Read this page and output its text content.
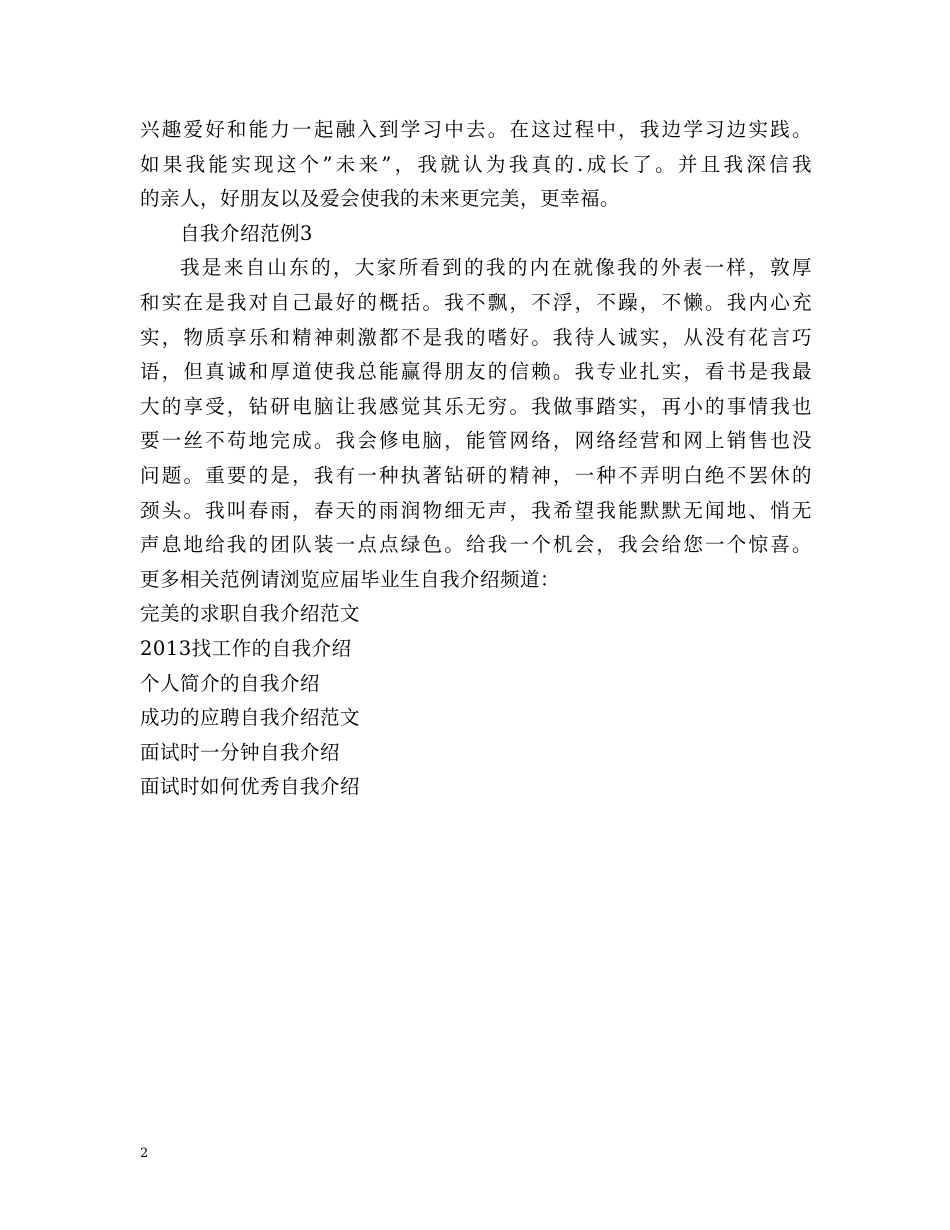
兴趣爱好和能力一起融入到学习中去。在这过程中，我边学习边实践。
如果我能实现这个”未来”，我就认为我真的.成长了。并且我深信我
的亲人，好朋友以及爱会使我的未来更完美，更幸福。
自我介绍范例3
我是来自山东的，大家所看到的我的内在就像我的外表一样，敦厚
和实在是我对自己最好的概括。我不飘，不浮，不躁，不懒。我内心充
实，物质享乐和精神刺激都不是我的嗜好。我待人诚实，从没有花言巧
语，但真诚和厚道使我总能赢得朋友的信赖。我专业扎实，看书是我最
大的享受，钻研电脑让我感觉其乐无穷。我做事踏实，再小的事情我也
要一丝不苟地完成。我会修电脑，能管网络，网络经营和网上销售也没
问题。重要的是，我有一种执著钻研的精神，一种不弄明白绝不罢休的
颈头。我叫春雨，春天的雨润物细无声，我希望我能默默无闻地、悄无
声息地给我的团队装一点点绿色。给我一个机会，我会给您一个惊喜。
更多相关范例请浏览应届毕业生自我介绍频道：
完美的求职自我介绍范文
2013找工作的自我介绍
个人简介的自我介绍
成功的应聘自我介绍范文
面试时一分钟自我介绍
面试时如何优秀自我介绍
2
